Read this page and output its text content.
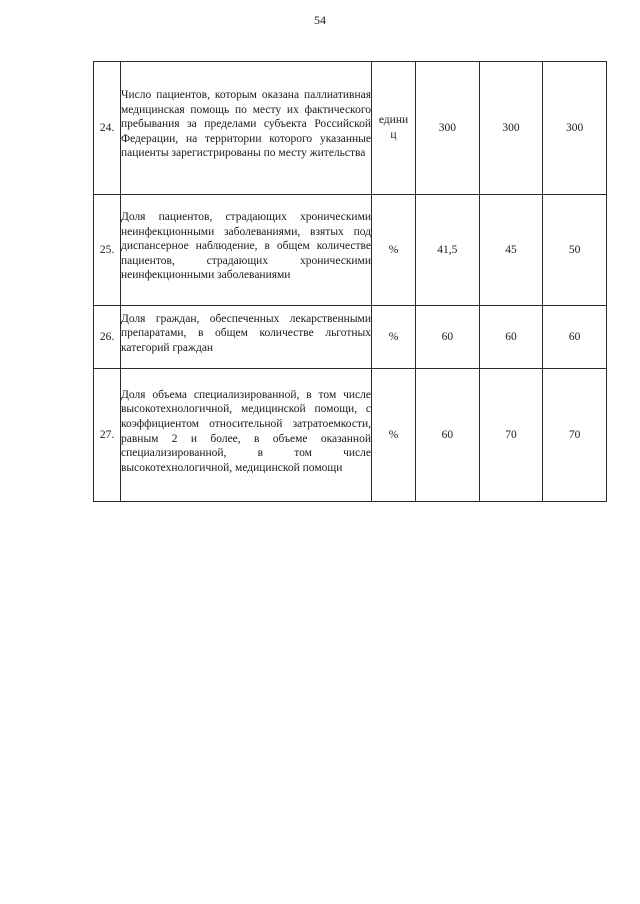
54
24.	Число пациентов, которым оказана паллиативная медицинская помощь по месту их фактического пребывания за пределами субъекта Российской Федерации, на территории которого указанные пациенты зарегистрированы по месту жительства	единиц	300	300	300
25.	Доля пациентов, страдающих хроническими неинфекционными заболеваниями, взятых под диспансерное наблюдение, в общем количестве пациентов, страдающих хроническими неинфекционными заболеваниями	%	41,5	45	50
26.	Доля граждан, обеспеченных лекарственными препаратами, в общем количестве льготных категорий граждан	%	60	60	60
27.	Доля объема специализированной, в том числе высокотехнологичной, медицинской помощи, с коэффициентом относительной затратоемкости, равным 2 и более, в объеме оказанной специализированной, в том числе высокотехнологичной, медицинской помощи	%	60	70	70
